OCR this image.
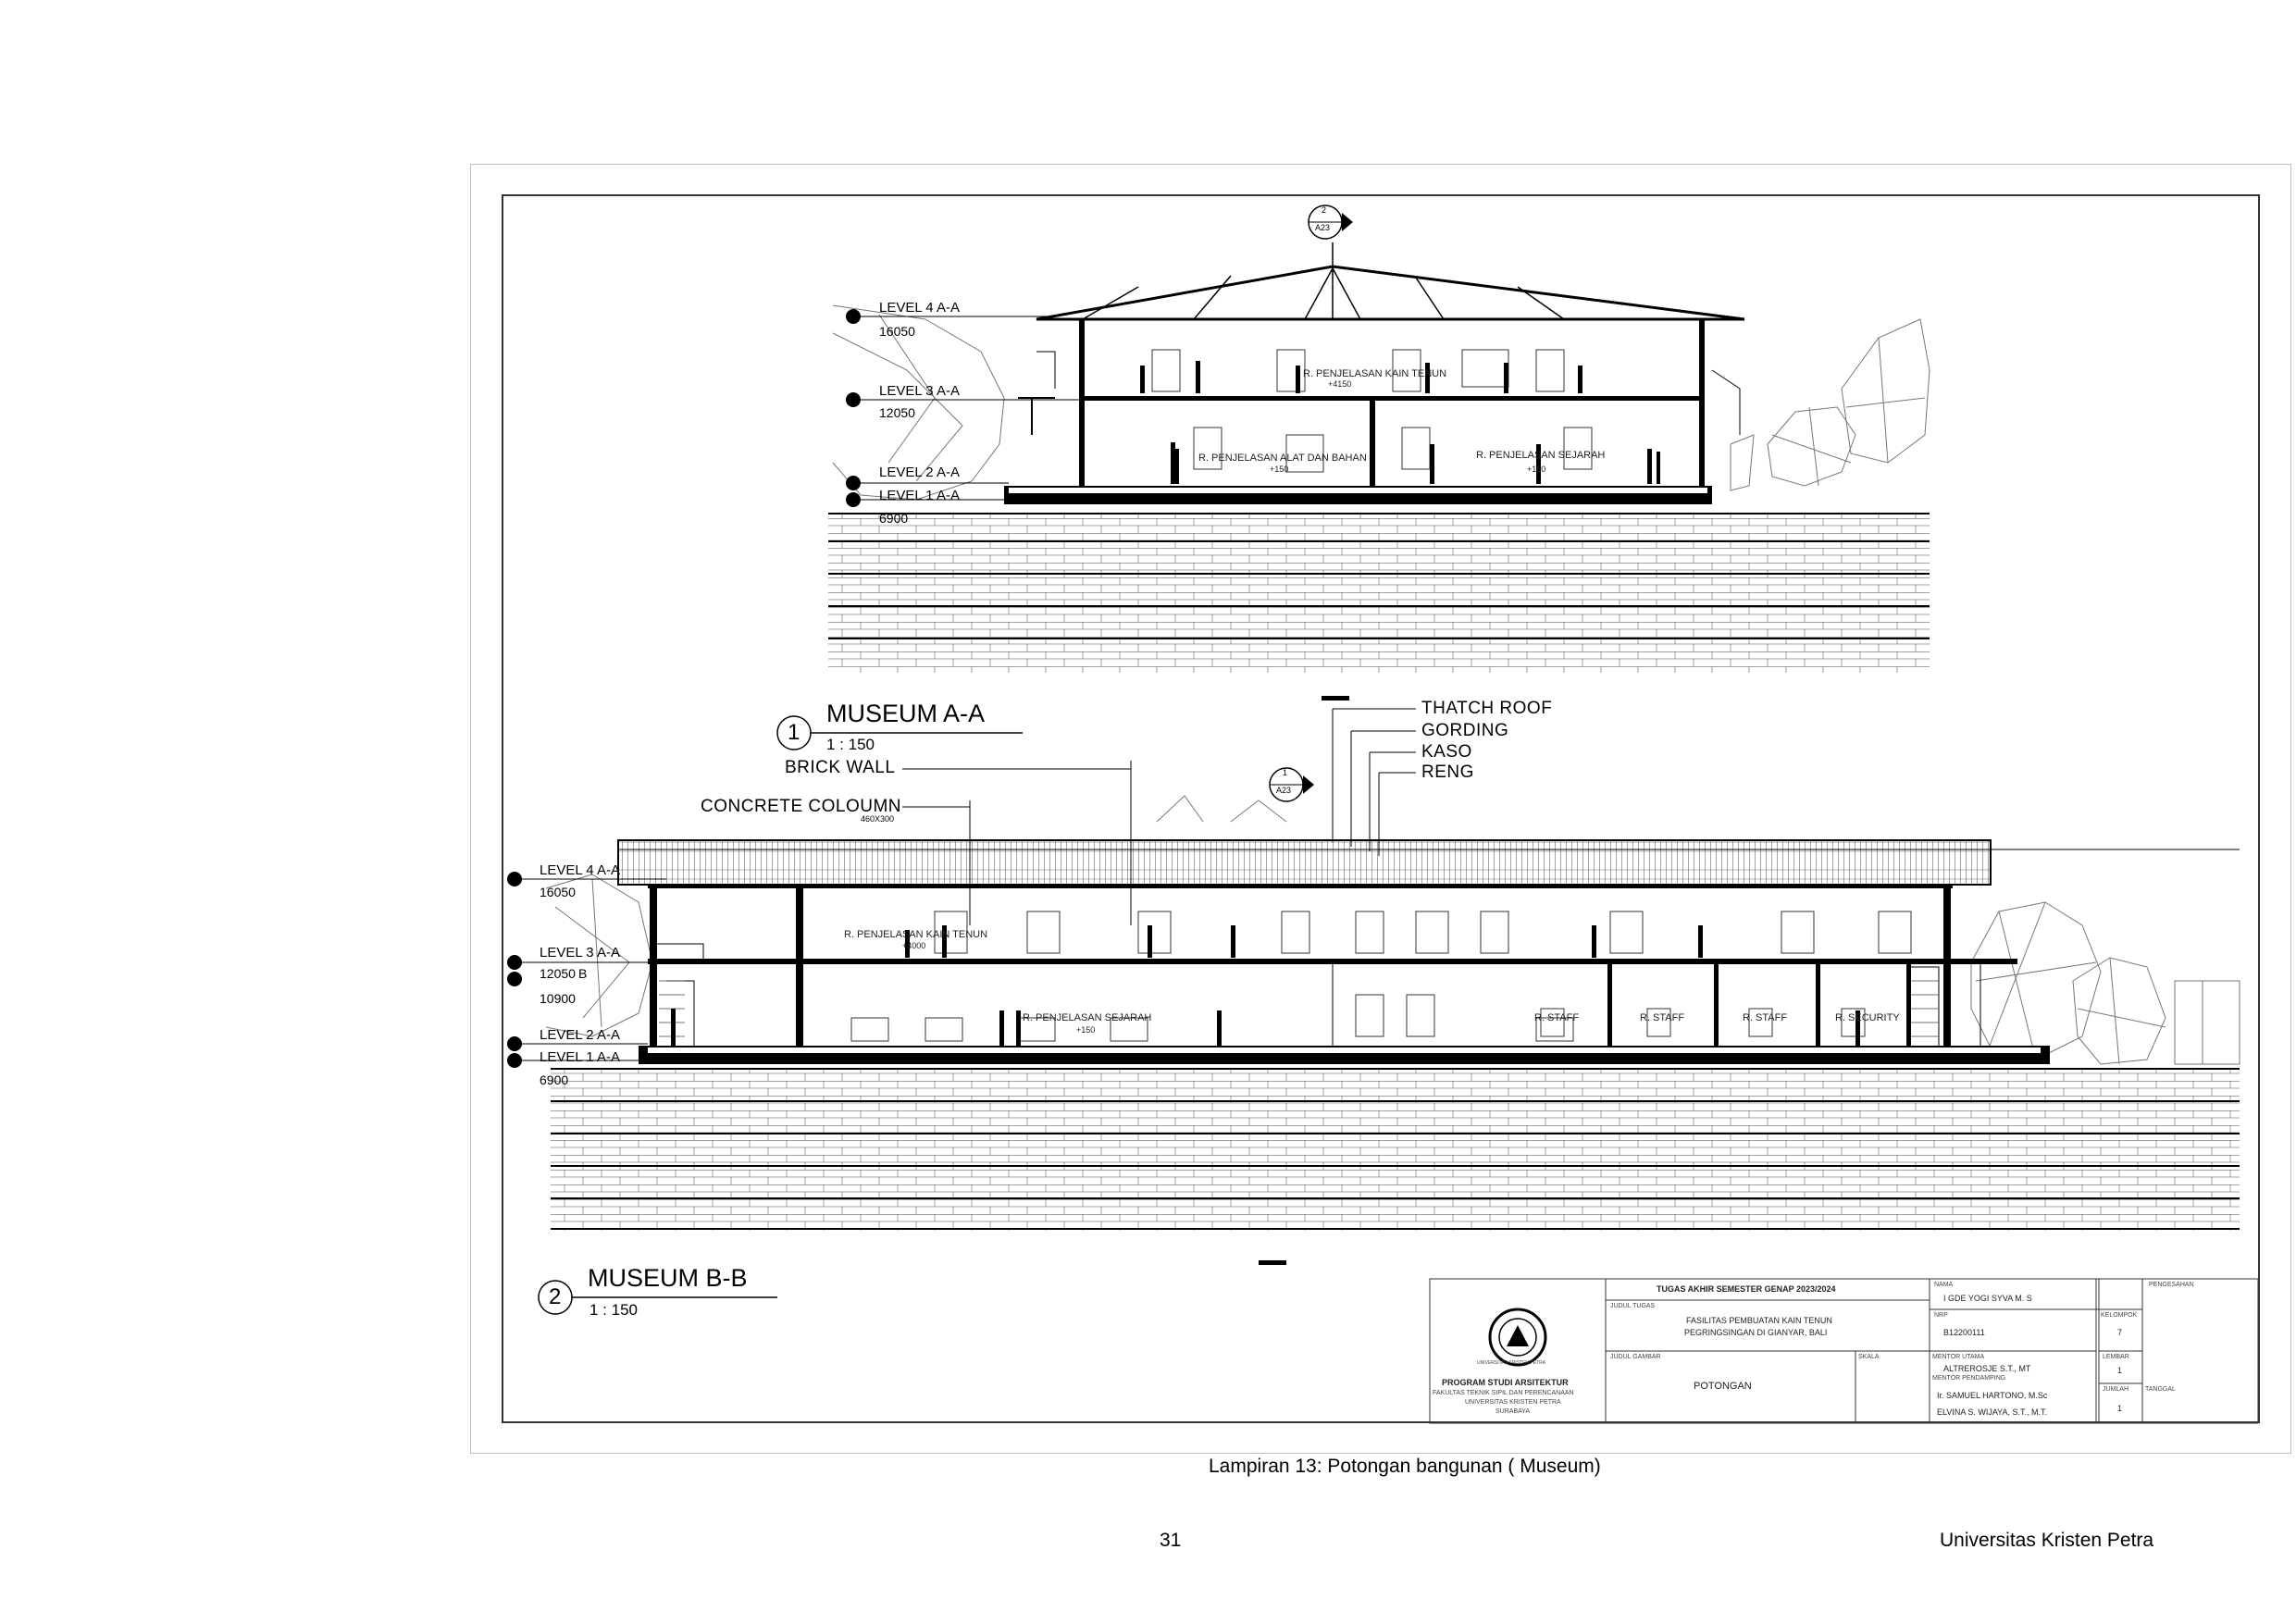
2
A23
LEVEL 4 A-A
16050
LEVEL 3 A-A
12050
LEVEL 2 A-A
LEVEL 1 A-A
6900
R. PENJELASAN KAIN TENUN
+4150
R. PENJELASAN ALAT DAN BAHAN
+150
R. PENJELASAN SEJARAH
+150
1
MUSEUM A-A
1 : 150
BRICK WALL
CONCRETE COLOUMN
460X300
THATCH ROOF
GORDING
KASO
RENG
1
A23
LEVEL 4 A-A
16050
LEVEL 3 A-A
12050 B
10900
LEVEL 2 A-A
LEVEL 1 A-A
6900
R. PENJELASAN KAIN TENUN
+4000
R. PENJELASAN SEJARAH
+150
R. STAFF	R. STAFF	R. STAFF	R. SECURITY
2
MUSEUM B-B
1 : 150
UNIVERSITAS KRISTEN PETRA
PROGRAM STUDI ARSITEKTUR
FAKULTAS TEKNIK SIPIL DAN PERENCANAAN
UNIVERSITAS KRISTEN PETRA
SURABAYA
TUGAS AKHIR SEMESTER GENAP 2023/2024
JUDUL TUGAS
FASILITAS PEMBUATAN KAIN TENUN
PEGRINGSINGAN DI GIANYAR, BALI
JUDUL GAMBAR
POTONGAN
SKALA
NAMA
I GDE YOGI SYVA M. S
NRP
B12200111
KELOMPOK
7
MENTOR UTAMA
ALTREROSJE S.T., MT
MENTOR PENDAMPING
Ir. SAMUEL HARTONO, M.Sc
ELVINA S. WIJAYA, S.T., M.T.
PENGESAHAN
LEMBAR
1
JUMLAH
1
TANGGAL
Lampiran 13: Potongan bangunan ( Museum)
31	Universitas Kristen Petra
